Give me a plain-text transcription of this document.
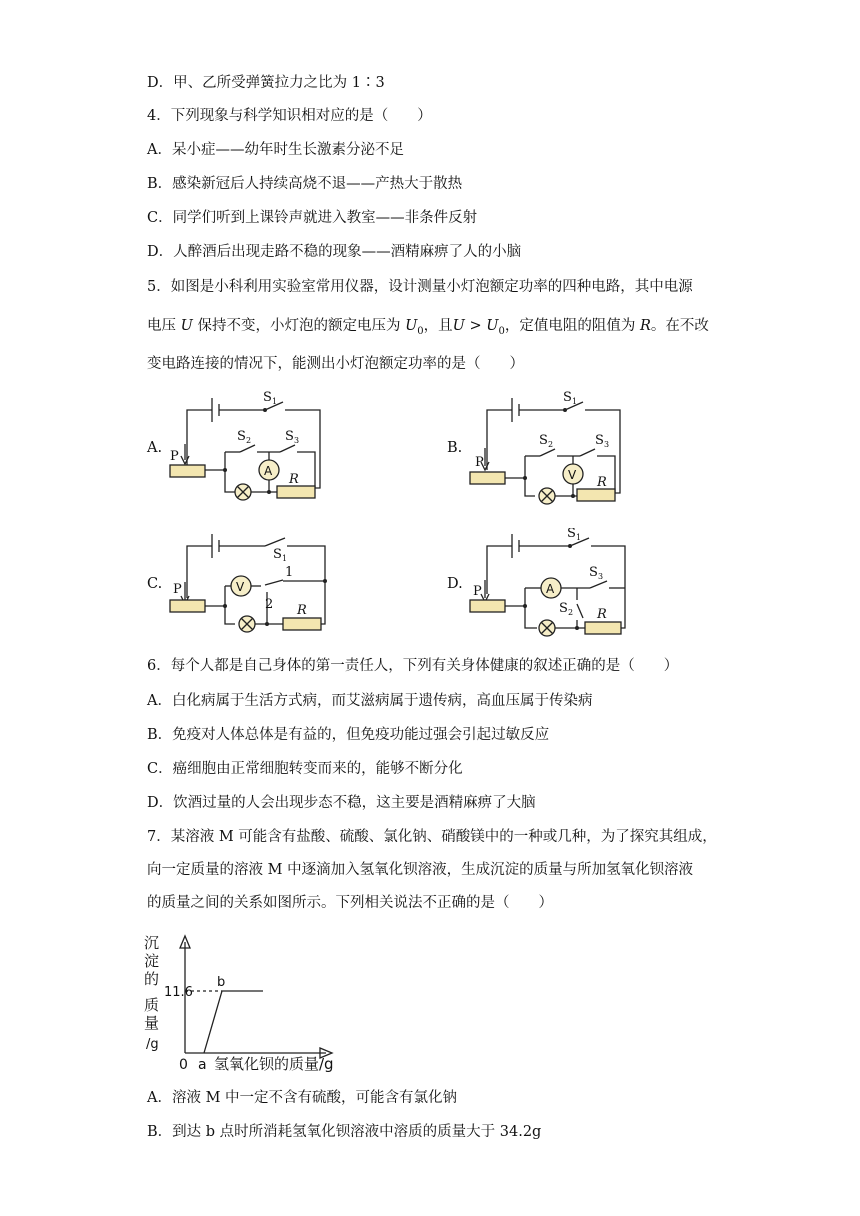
D．甲、乙所受弹簧拉力之比为 1∶3
4．下列现象与科学知识相对应的是（　　）
A．呆小症——幼年时生长激素分泌不足
B．感染新冠后人持续高烧不退——产热大于散热
C．同学们听到上课铃声就进入教室——非条件反射
D．人醉酒后出现走路不稳的现象——酒精麻痹了人的小脑
5．如图是小科利用实验室常用仪器，设计测量小灯泡额定功率的四种电路，其中电源
电压 U 保持不变，小灯泡的额定电压为 $U_0$，且$U > U_0$，定值电阻的阻值为 R。在不改
变电路连接的情况下，能测出小灯泡额定功率的是（　　）
A.	B.
C.	D.
S 1
P
S 2	S 3
A
R
S 1
P
S 2	S 3
V R
S 1
P	V
1
2 R
S 1
P	A
S 3
S 2 R
6．每个人都是自己身体的第一责任人，下列有关身体健康的叙述正确的是（　　）
A．白化病属于生活方式病，而艾滋病属于遗传病，高血压属于传染病
B．免疫对人体总体是有益的，但免疫功能过强会引起过敏反应
C．癌细胞由正常细胞转变而来的，能够不断分化
D．饮酒过量的人会出现步态不稳，这主要是酒精麻痹了大脑
7．某溶液 M 可能含有盐酸、硫酸、氯化钠、硝酸镁中的一种或几种，为了探究其组成，
向一定质量的溶液 M 中逐滴加入氢氧化钡溶液，生成沉淀的质量与所加氢氧化钡溶液
的质量之间的关系如图所示。下列相关说法不正确的是（　　）
沉
淀
的
质
量
/g
11.6
b
0 a 氢氧化钡的质量/g
A．溶液 M 中一定不含有硫酸，可能含有氯化钠
B．到达 b 点时所消耗氢氧化钡溶液中溶质的质量大于 34.2g
